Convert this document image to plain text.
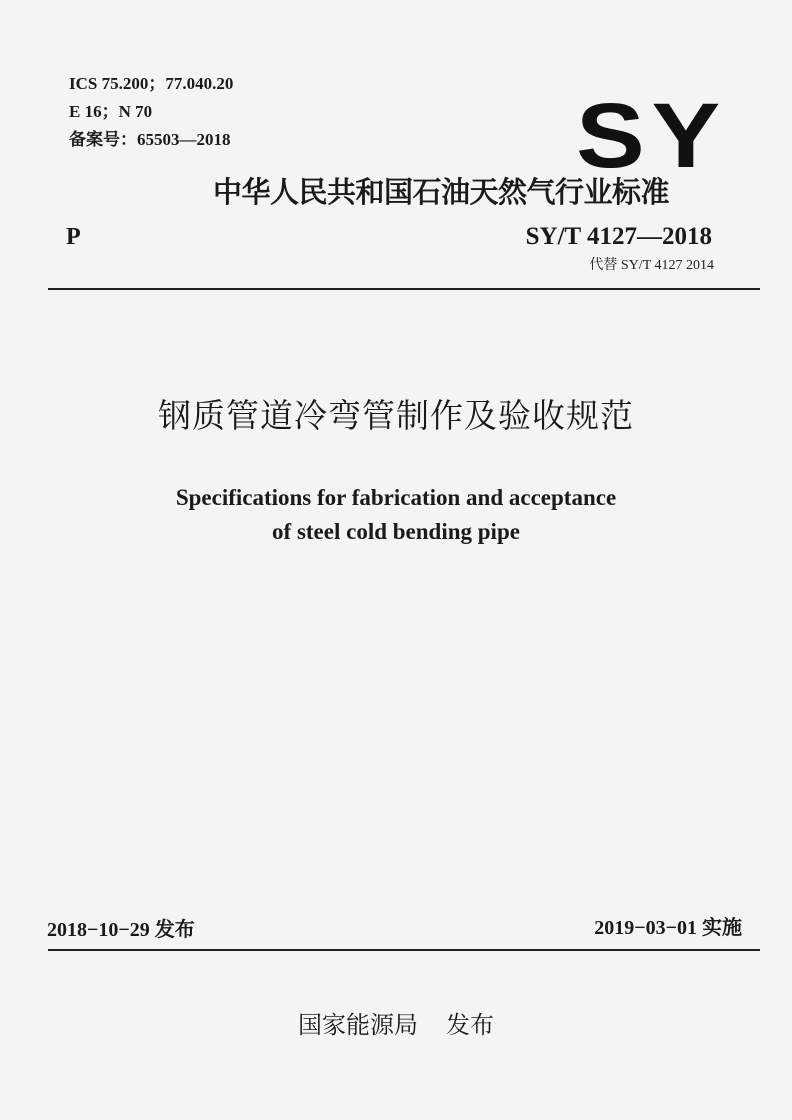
ICS 75.200；77.040.20
E 16；N 70
备案号：65503—2018	SY
中华人民共和国石油天然气行业标准
P	SY/T 4127—2018
代替 SY/T 4127 2014
钢质管道冷弯管制作及验收规范
Specifications for fabrication and acceptance
of steel cold bending pipe
2018−10−29 发布	2019−03−01 实施
国家能源局 发布
